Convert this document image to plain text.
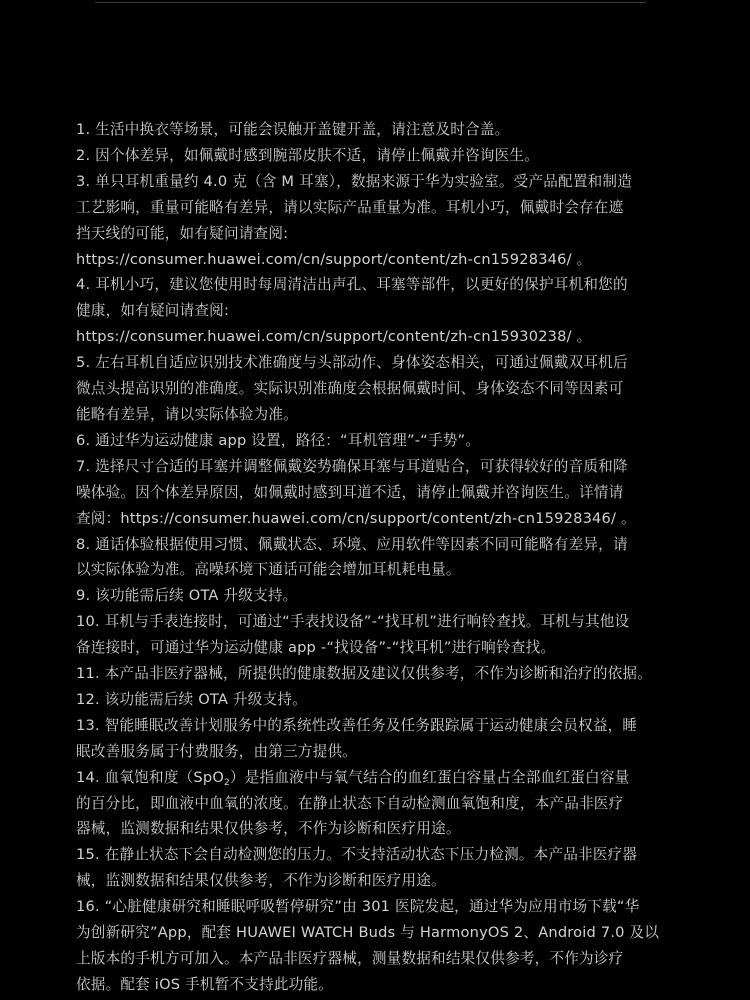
1. 生活中换衣等场景，可能会误触开盖键开盖，请注意及时合盖。
2. 因个体差异，如佩戴时感到腕部皮肤不适，请停止佩戴并咨询医生。
3. 单只耳机重量约 4.0 克（含 M 耳塞），数据来源于华为实验室。受产品配置和制造
工艺影响，重量可能略有差异，请以实际产品重量为准。耳机小巧，佩戴时会存在遮
挡天线的可能，如有疑问请查阅:
https://consumer.huawei.com/cn/support/content/zh-cn15928346/ 。
4. 耳机小巧，建议您使用时每周清洁出声孔、耳塞等部件，以更好的保护耳机和您的
健康，如有疑问请查阅:
https://consumer.huawei.com/cn/support/content/zh-cn15930238/ 。
5. 左右耳机自适应识别技术准确度与头部动作、身体姿态相关，可通过佩戴双耳机后
微点头提高识别的准确度。实际识别准确度会根据佩戴时间、身体姿态不同等因素可
能略有差异，请以实际体验为准。
6. 通过华为运动健康 app 设置，路径：“耳机管理”-“手势”。
7. 选择尺寸合适的耳塞并调整佩戴姿势确保耳塞与耳道贴合，可获得较好的音质和降
噪体验。因个体差异原因，如佩戴时感到耳道不适，请停止佩戴并咨询医生。详情请
查阅：https://consumer.huawei.com/cn/support/content/zh-cn15928346/ 。
8. 通话体验根据使用习惯、佩戴状态、环境、应用软件等因素不同可能略有差异，请
以实际体验为准。高噪环境下通话可能会增加耳机耗电量。
9. 该功能需后续 OTA 升级支持。
10. 耳机与手表连接时，可通过“手表找设备”-“找耳机”进行响铃查找。耳机与其他设
备连接时，可通过华为运动健康 app -“找设备”-“找耳机”进行响铃查找。
11. 本产品非医疗器械，所提供的健康数据及建议仅供参考，不作为诊断和治疗的依据。
12. 该功能需后续 OTA 升级支持。
13. 智能睡眠改善计划服务中的系统性改善任务及任务跟踪属于运动健康会员权益，睡
眠改善服务属于付费服务，由第三方提供。
14. 血氧饱和度（SpO$_2$）是指血液中与氧气结合的血红蛋白容量占全部血红蛋白容量
的百分比，即血液中血氧的浓度。在静止状态下自动检测血氧饱和度，本产品非医疗
器械，监测数据和结果仅供参考，不作为诊断和医疗用途。
15. 在静止状态下会自动检测您的压力。不支持活动状态下压力检测。本产品非医疗器
械，监测数据和结果仅供参考，不作为诊断和医疗用途。
16. “心脏健康研究和睡眠呼吸暂停研究”由 301 医院发起，通过华为应用市场下载“华
为创新研究”App，配套 HUAWEI WATCH Buds 与 HarmonyOS 2、Android 7.0 及以
上版本的手机方可加入。本产品非医疗器械，测量数据和结果仅供参考，不作为诊疗
依据。配套 iOS 手机暂不支持此功能。
